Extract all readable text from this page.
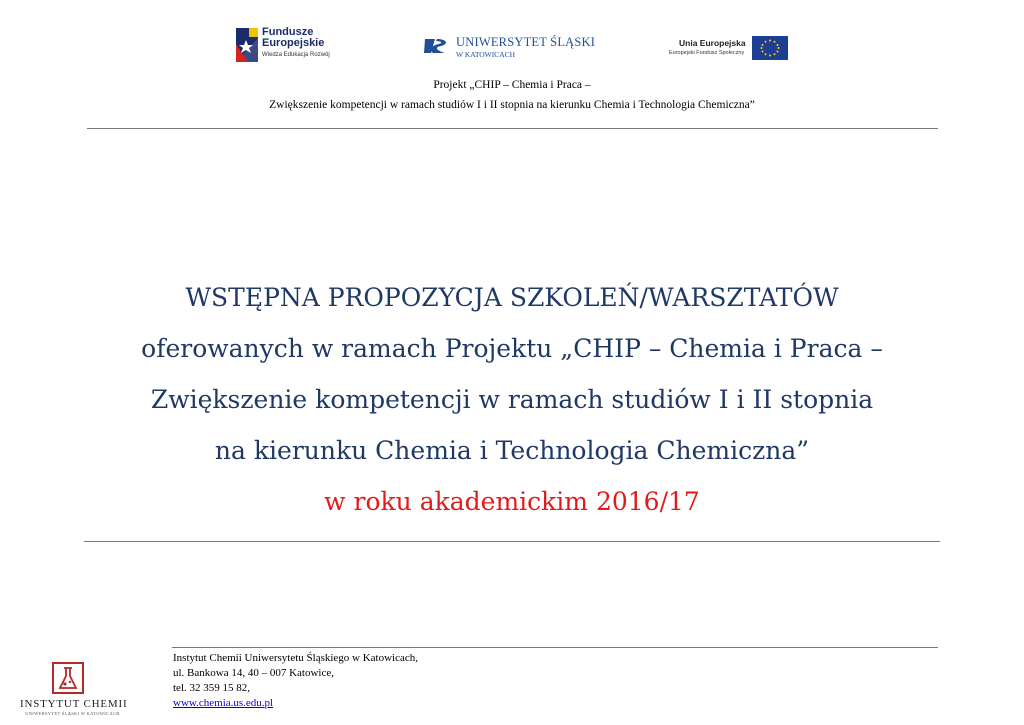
Fundusze
Europejskie
Wiedza Edukacja Rozwój
UNIWERSYTET ŚLĄSKI
W KATOWICACH
Unia Europejska
Europejski Fundusz Społeczny
Projekt „CHIP – Chemia i Praca –
Zwiększenie kompetencji w ramach studiów I i II stopnia na kierunku Chemia i Technologia Chemiczna”
WSTĘPNA PROPOZYCJA SZKOLEŃ/WARSZTATÓW
oferowanych w ramach Projektu „CHIP – Chemia i Praca –
Zwiększenie kompetencji w ramach studiów I i II stopnia
na kierunku Chemia i Technologia Chemiczna”
w roku akademickim 2016/17
Instytut Chemii Uniwersytetu Śląskiego w Katowicach,
ul. Bankowa 14, 40 – 007 Katowice,
tel. 32 359 15 82,
www.chemia.us.edu.pl
INSTYTUT CHEMII
UNIWERSYTET ŚLĄSKI W KATOWICACH
